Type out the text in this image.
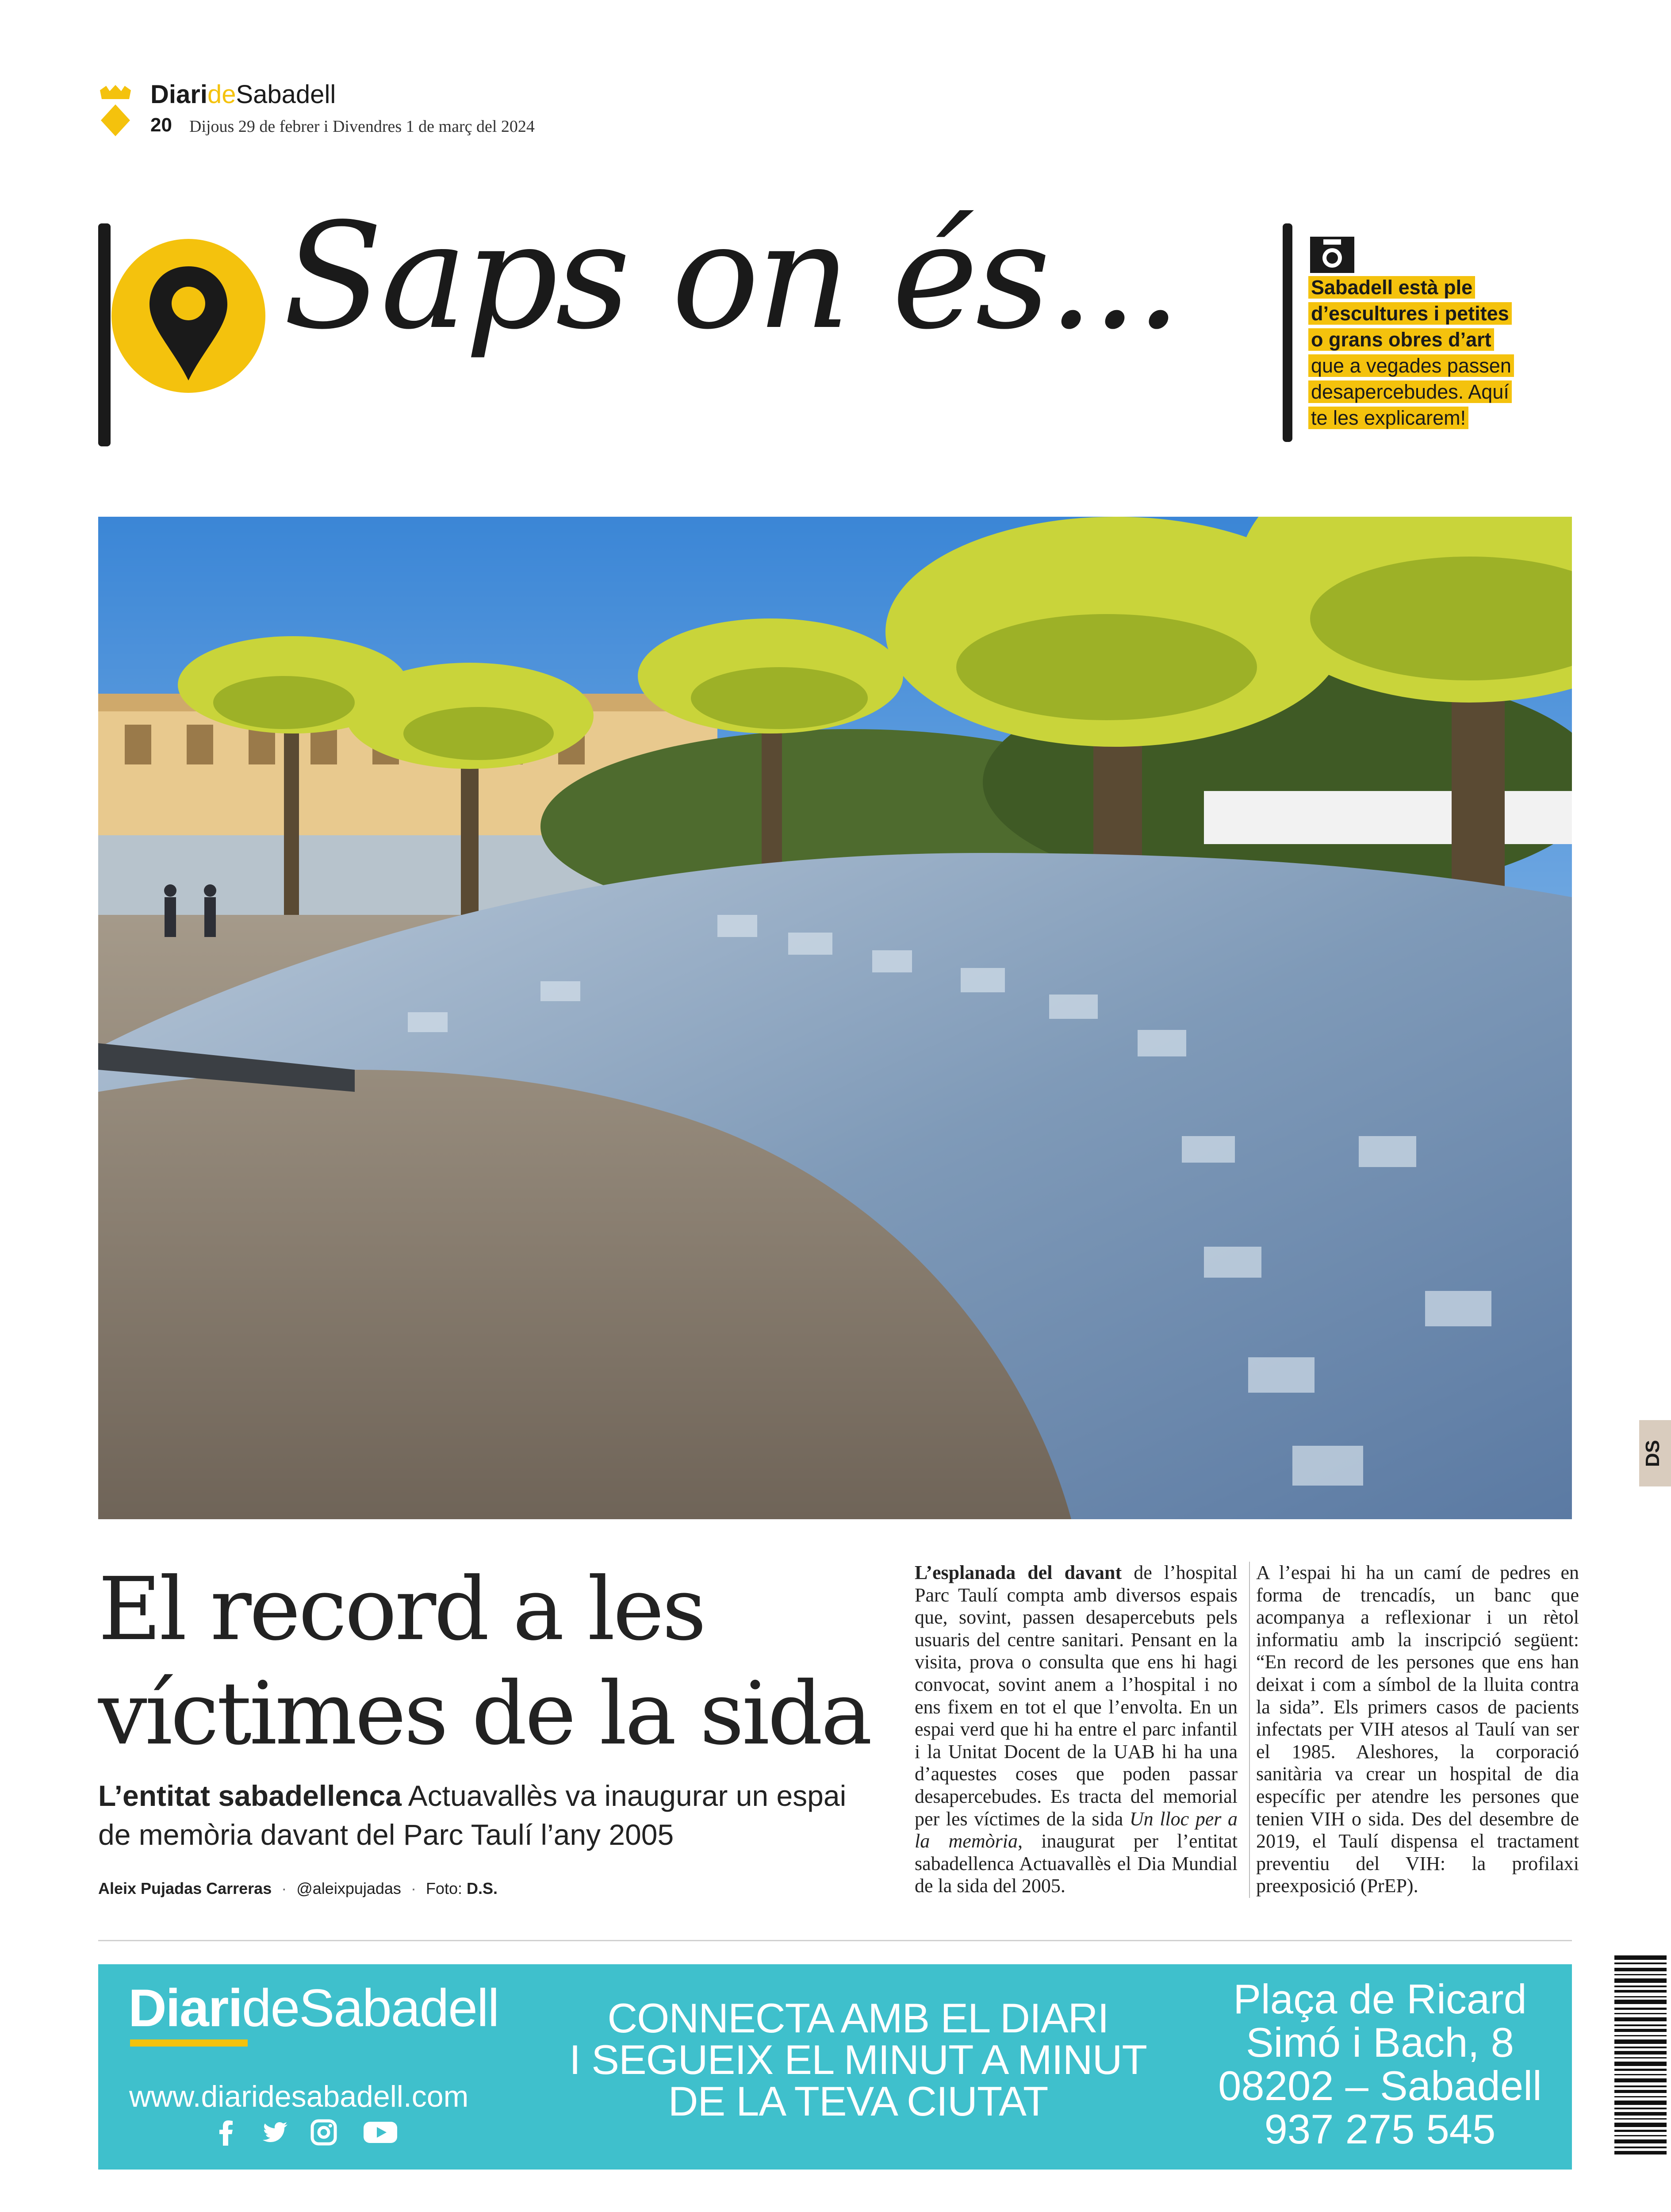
DiarideSabadell
20 Dijous 29 de febrer i Divendres 1 de març del 2024
Saps on és...	Sabadell està ple
d’escultures i petites
o grans obres d’art
que a vegades passen
desapercebudes. Aquí
te les explicarem!
DS
El record a les
víctimes de la sida
L’entitat sabadellenca Actuavallès va inaugurar un espai de memòria davant del Parc Taulí l’any 2005
Aleix Pujadas Carreras · @aleixpujadas · Foto: D.S.
L’esplanada del davant de l’hospital Parc Taulí compta amb diversos espais que, sovint, passen desapercebuts pels usuaris del centre sanitari. Pensant en la visita, prova o consulta que ens hi hagi convocat, sovint anem a l’hospital i no ens fixem en tot el que l’envolta. En un espai verd que hi ha entre el parc infantil i la Unitat Docent de la UAB hi ha una d’aquestes coses que poden passar desapercebudes. Es tracta del memorial per les víctimes de la sida Un lloc per a la memòria, inaugurat per l’entitat sabadellenca Actuavallès el Dia Mundial de la sida del 2005.
A l’espai hi ha un camí de pedres en forma de trencadís, un banc que acompanya a reflexionar i un rètol informatiu amb la inscripció següent: “En record de les persones que ens han deixat i com a símbol de la lluita contra la sida”. Els primers casos de pacients infectats per VIH atesos al Taulí van ser el 1985. Aleshores, la corporació sanitària va crear un hospital de dia específic per atendre les persones que tenien VIH o sida. Des del desembre de 2019, el Taulí dispensa el tractament preventiu del VIH: la profilaxi preexposició (PrEP).
DiarideSabadell
www.diaridesabadell.com
CONNECTA AMB EL DIARI
I SEGUEIX EL MINUT A MINUT
DE LA TEVA CIUTAT
Plaça de Ricard
Simó i Bach, 8
08202 – Sabadell
937 275 545
